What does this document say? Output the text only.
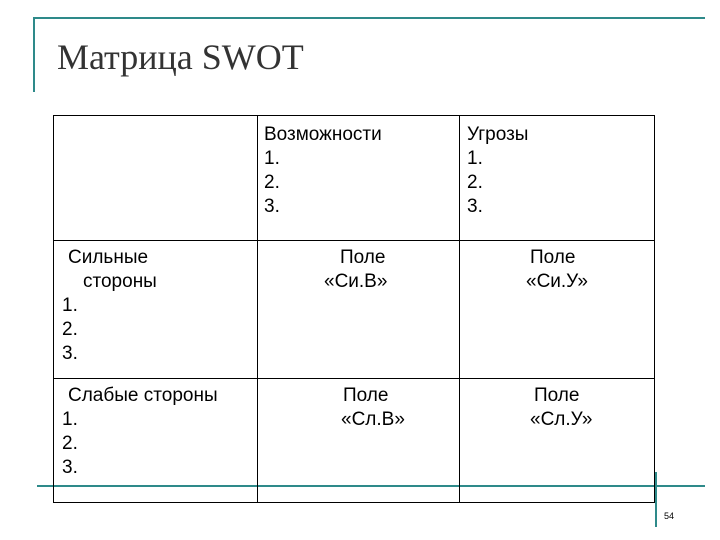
Матрица SWOT
Возможности
1.
2.
3.
Угрозы
1.
2.
3.
Сильные
стороны
1.
2.
3.
Поле
«Си.В»
Поле
«Си.У»
Слабые стороны
1.
2.
3.
Поле
«Сл.В»
Поле
«Сл.У»
54
